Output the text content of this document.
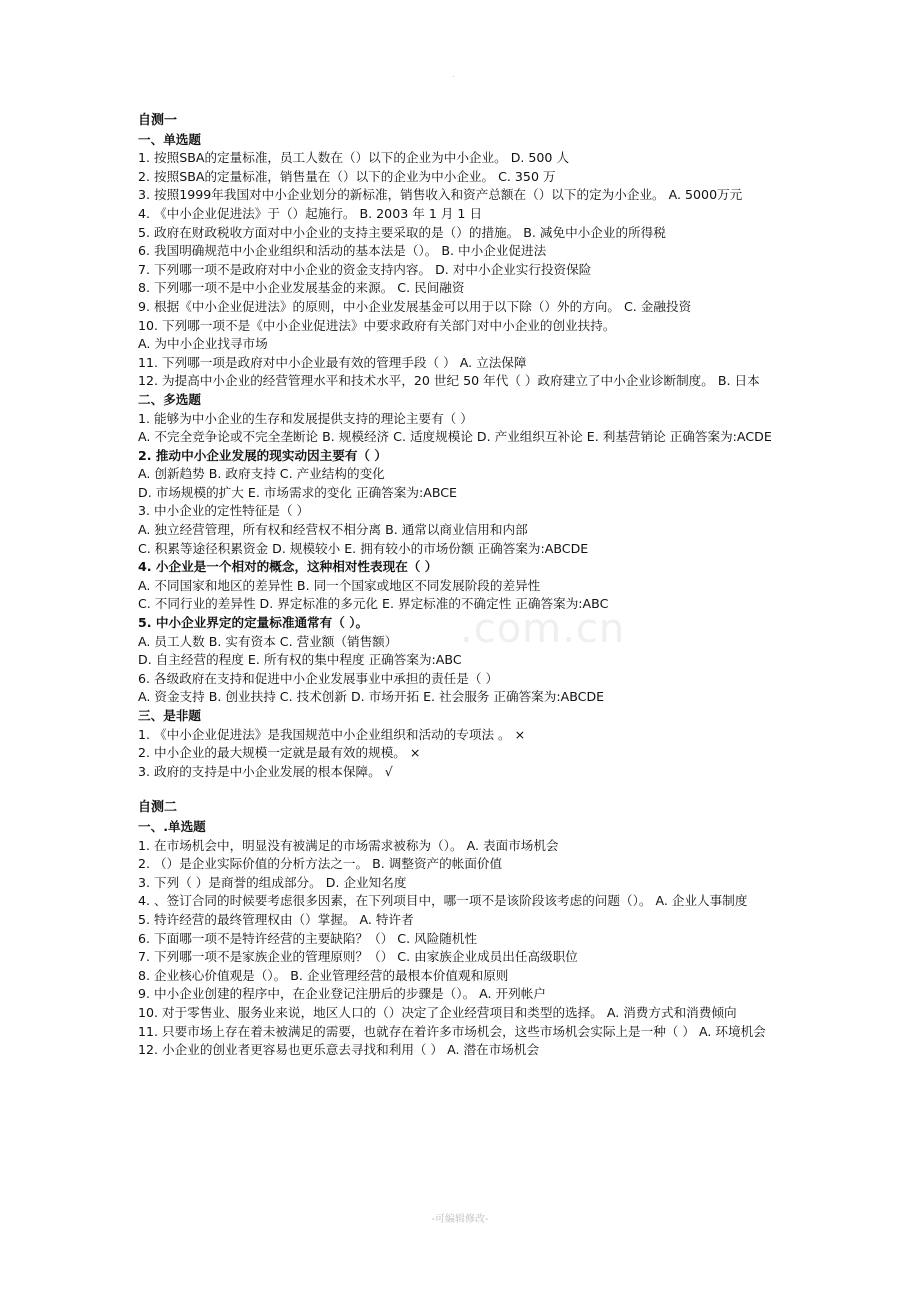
.
.com.cn
自测一
一、单选题
1. 按照SBA的定量标准，员工人数在（）以下的企业为中小企业。 D. 500 人
2. 按照SBA的定量标准，销售量在（）以下的企业为中小企业。 C. 350 万
3. 按照1999年我国对中小企业划分的新标准，销售收入和资产总额在（）以下的定为小企业。 A. 5000万元
4. 《中小企业促进法》于（）起施行。 B. 2003 年 1 月 1 日
5. 政府在财政税收方面对中小企业的支持主要采取的是（）的措施。 B. 减免中小企业的所得税
6. 我国明确规范中小企业组织和活动的基本法是（）。 B. 中小企业促进法
7. 下列哪一项不是政府对中小企业的资金支持内容。 D. 对中小企业实行投资保险
8. 下列哪一项不是中小企业发展基金的来源。 C. 民间融资
9. 根据《中小企业促进法》的原则，中小企业发展基金可以用于以下除（）外的方向。 C. 金融投资
10. 下列哪一项不是《中小企业促进法》中要求政府有关部门对中小企业的创业扶持。
A. 为中小企业找寻市场
11. 下列哪一项是政府对中小企业最有效的管理手段（ ） A. 立法保障
12. 为提高中小企业的经营管理水平和技术水平，20 世纪 50 年代（ ）政府建立了中小企业诊断制度。 B. 日本
二、多选题
1. 能够为中小企业的生存和发展提供支持的理论主要有（ ）
A. 不完全竞争论或不完全垄断论 B. 规模经济 C. 适度规模论 D. 产业组织互补论 E. 利基营销论 正确答案为:ACDE
2. 推动中小企业发展的现实动因主要有（ ）
A. 创新趋势 B. 政府支持 C. 产业结构的变化
D. 市场规模的扩大 E. 市场需求的变化 正确答案为:ABCE
3. 中小企业的定性特征是（ ）
A. 独立经营管理，所有权和经营权不相分离 B. 通常以商业信用和内部
C. 积累等途径积累资金 D. 规模较小 E. 拥有较小的市场份额 正确答案为:ABCDE
4. 小企业是一个相对的概念，这种相对性表现在（ ）
A. 不同国家和地区的差异性 B. 同一个国家或地区不同发展阶段的差异性
C. 不同行业的差异性 D. 界定标准的多元化 E. 界定标准的不确定性 正确答案为:ABC
5. 中小企业界定的定量标准通常有（ ）。
A. 员工人数 B. 实有资本 C. 营业额（销售额）
D. 自主经营的程度 E. 所有权的集中程度 正确答案为:ABC
6. 各级政府在支持和促进中小企业发展事业中承担的责任是（ ）
A. 资金支持 B. 创业扶持 C. 技术创新 D. 市场开拓 E. 社会服务 正确答案为:ABCDE
三、是非题
1. 《中小企业促进法》是我国规范中小企业组织和活动的专项法 。 ×
2. 中小企业的最大规模一定就是最有效的规模。 ×
3. 政府的支持是中小企业发展的根本保障。 √
自测二
一、.单选题
1. 在市场机会中，明显没有被满足的市场需求被称为（）。 A. 表面市场机会
2. （）是企业实际价值的分析方法之一。 B. 调整资产的帐面价值
3. 下列（ ）是商誉的组成部分。 D. 企业知名度
4. 、签订合同的时候要考虑很多因素，在下列项目中，哪一项不是该阶段该考虑的问题（）。 A. 企业人事制度
5. 特许经营的最终管理权由（）掌握。 A. 特许者
6. 下面哪一项不是特许经营的主要缺陷？（） C. 风险随机性
7. 下列哪一项不是家族企业的管理原则？（） C. 由家族企业成员出任高级职位
8. 企业核心价值观是（）。 B. 企业管理经营的最根本价值观和原则
9. 中小企业创建的程序中，在企业登记注册后的步骤是（）。 A. 开列帐户
10. 对于零售业、服务业来说，地区人口的（）决定了企业经营项目和类型的选择。 A. 消费方式和消费倾向
11. 只要市场上存在着未被满足的需要，也就存在着许多市场机会，这些市场机会实际上是一种（ ） A. 环境机会
12. 小企业的创业者更容易也更乐意去寻找和利用（ ） A. 潜在市场机会
-可编辑修改-
